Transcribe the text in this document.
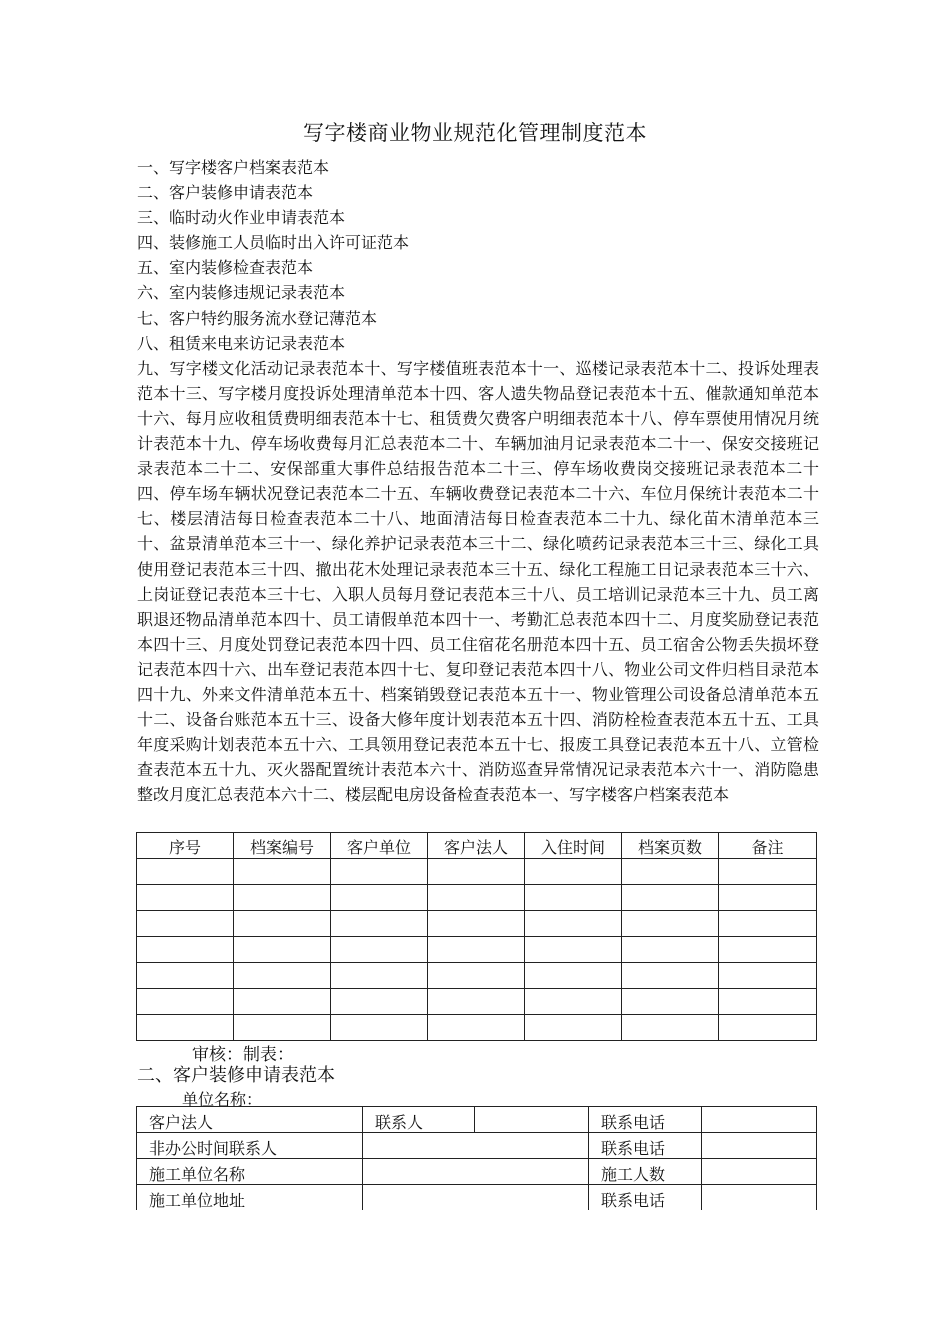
写字楼商业物业规范化管理制度范本
一、写字楼客户档案表范本
二、客户装修申请表范本
三、临时动火作业申请表范本
四、装修施工人员临时出入许可证范本
五、室内装修检查表范本
六、室内装修违规记录表范本
七、客户特约服务流水登记薄范本
八、租赁来电来访记录表范本
九、写字楼文化活动记录表范本十、写字楼值班表范本十一、巡楼记录表范本十二、投诉处理表范本十三、写字楼月度投诉处理清单范本十四、客人遗失物品登记表范本十五、催款通知单范本十六、每月应收租赁费明细表范本十七、租赁费欠费客户明细表范本十八、停车票使用情况月统计表范本十九、停车场收费每月汇总表范本二十、车辆加油月记录表范本二十一、保安交接班记录表范本二十二、安保部重大事件总结报告范本二十三、停车场收费岗交接班记录表范本二十四、停车场车辆状况登记表范本二十五、车辆收费登记表范本二十六、车位月保统计表范本二十七、楼层清洁每日检查表范本二十八、地面清洁每日检查表范本二十九、绿化苗木清单范本三十、盆景清单范本三十一、绿化养护记录表范本三十二、绿化喷药记录表范本三十三、绿化工具使用登记表范本三十四、撤出花木处理记录表范本三十五、绿化工程施工日记录表范本三十六、上岗证登记表范本三十七、入职人员每月登记表范本三十八、员工培训记录范本三十九、员工离职退还物品清单范本四十、员工请假单范本四十一、考勤汇总表范本四十二、月度奖励登记表范本四十三、月度处罚登记表范本四十四、员工住宿花名册范本四十五、员工宿舍公物丢失损坏登记表范本四十六、出车登记表范本四十七、复印登记表范本四十八、物业公司文件归档目录范本四十九、外来文件清单范本五十、档案销毁登记表范本五十一、物业管理公司设备总清单范本五十二、设备台账范本五十三、设备大修年度计划表范本五十四、消防栓检查表范本五十五、工具年度采购计划表范本五十六、工具领用登记表范本五十七、报废工具登记表范本五十八、立管检查表范本五十九、灭火器配置统计表范本六十、消防巡查异常情况记录表范本六十一、消防隐患整改月度汇总表范本六十二、楼层配电房设备检查表范本一、写字楼客户档案表范本
序号	档案编号	客户单位	客户法人	入住时间	档案页数	备注

审核：制表：
二、客户装修申请表范本
单位名称：
客户法人	联系人		联系电话	
非办公时间联系人			联系电话	
施工单位名称			施工人数	
施工单位地址			联系电话	
